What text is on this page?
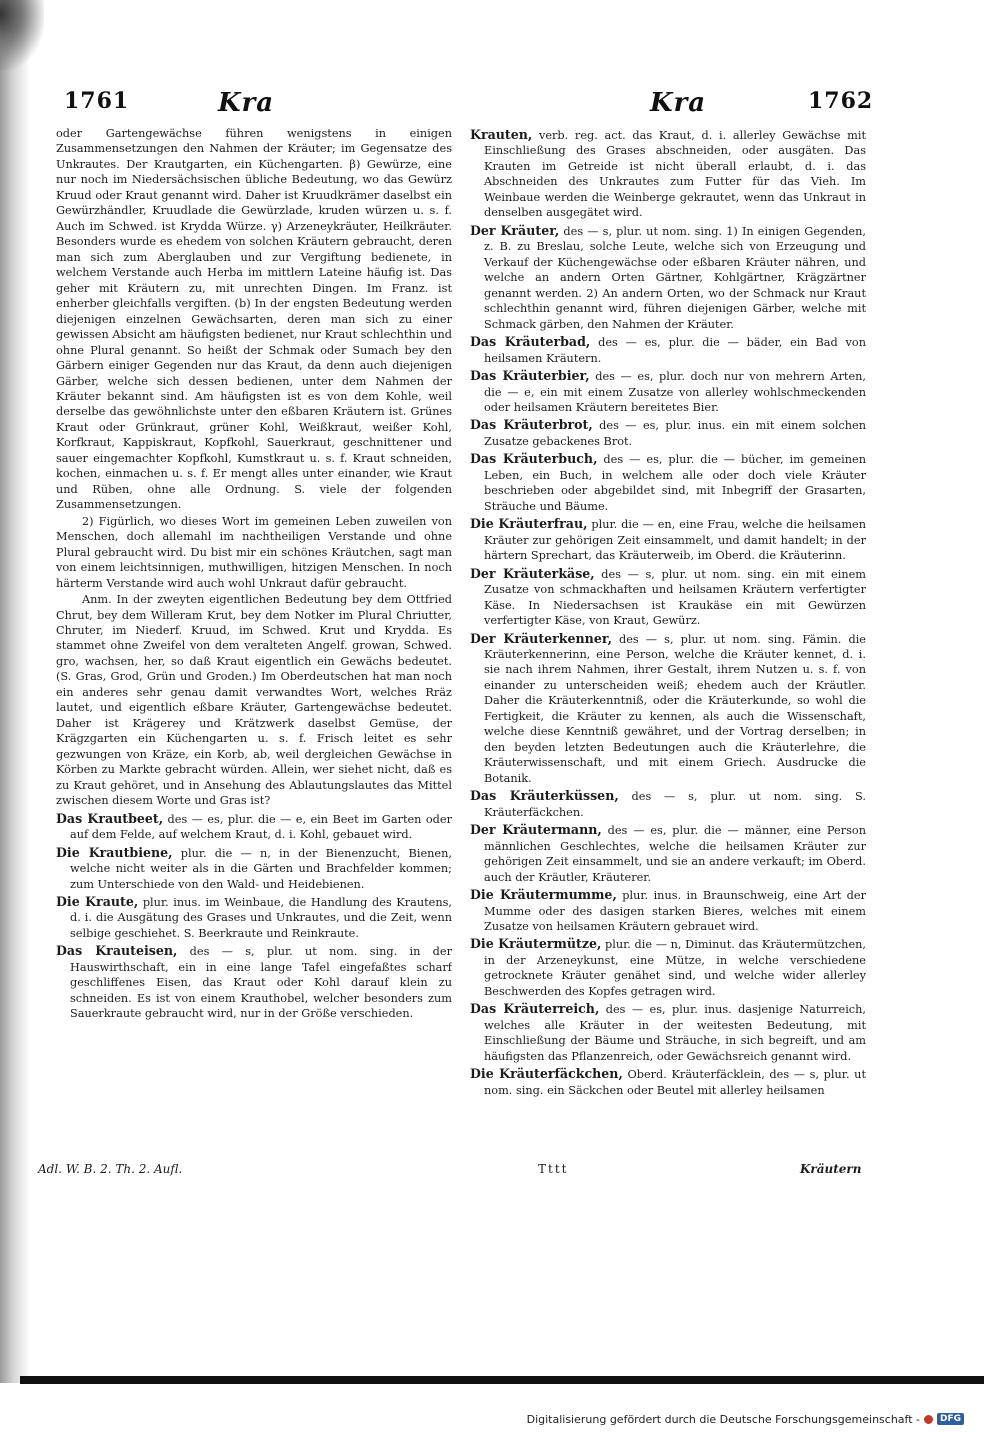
1761	Kra	Kra	1762

oder Gartengewächse führen wenigstens in einigen Zusammensetzungen den Nahmen der Kräuter; im Gegensatze des Unkrautes. Der Krautgarten, ein Küchengarten. β) Gewürze, eine nur noch im Niedersächsischen übliche Bedeutung, wo das Gewürz Kruud oder Kraut genannt wird. Daher ist Kruudkrämer daselbst ein Gewürzhändler, Kruudlade die Gewürzlade, kruden würzen u. s. f. Auch im Schwed. ist Krydda Würze. γ) Arzeneykräuter, Heilkräuter. Besonders wurde es ehedem von solchen Kräutern gebraucht, deren man sich zum Aberglauben und zur Vergiftung bedienete, in welchem Verstande auch Herba im mittlern Lateine häufig ist. Das geher mit Kräutern zu, mit unrechten Dingen. Im Franz. ist enherber gleichfalls vergiften. (b) In der engsten Bedeutung werden diejenigen einzelnen Gewächsarten, deren man sich zu einer gewissen Absicht am häufigsten bedienet, nur Kraut schlechthin und ohne Plural genannt. So heißt der Schmak oder Sumach bey den Gärbern einiger Gegenden nur das Kraut, da denn auch diejenigen Gärber, welche sich dessen bedienen, unter dem Nahmen der Kräuter bekannt sind. Am häufigsten ist es von dem Kohle, weil derselbe das gewöhnlichste unter den eßbaren Kräutern ist. Grünes Kraut oder Grünkraut, grüner Kohl, Weißkraut, weißer Kohl, Korfkraut, Kappiskraut, Kopfkohl, Sauerkraut, geschnittener und sauer eingemachter Kopfkohl, Kumstkraut u. s. f. Kraut schneiden, kochen, einmachen u. s. f. Er mengt alles unter einander, wie Kraut und Rüben, ohne alle Ordnung. S. viele der folgenden Zusammensetzungen.

2) Figürlich, wo dieses Wort im gemeinen Leben zuweilen von Menschen, doch allemahl im nachtheiligen Verstande und ohne Plural gebraucht wird. Du bist mir ein schönes Kräutchen, sagt man von einem leichtsinnigen, muthwilligen, hitzigen Menschen. In noch härterm Verstande wird auch wohl Unkraut dafür gebraucht.

Anm. In der zweyten eigentlichen Bedeutung bey dem Ottfried Chrut, bey dem Willeram Krut, bey dem Notker im Plural Chriutter, Chruter, im Niederf. Kruud, im Schwed. Krut und Krydda. Es stammet ohne Zweifel von dem veralteten Angelf. growan, Schwed. gro, wachsen, her, so daß Kraut eigentlich ein Gewächs bedeutet. (S. Gras, Grod, Grün und Groden.) Im Oberdeutschen hat man noch ein anderes sehr genau damit verwandtes Wort, welches Rräz lautet, und eigentlich eßbare Kräuter, Gartengewächse bedeutet. Daher ist Krägerey und Krätzwerk daselbst Gemüse, der Krägzgarten ein Küchengarten u. s. f. Frisch leitet es sehr gezwungen von Kräze, ein Korb, ab, weil dergleichen Gewächse in Körben zu Markte gebracht würden. Allein, wer siehet nicht, daß es zu Kraut gehöret, und in Ansehung des Ablautungslautes das Mittel zwischen diesem Worte und Gras ist?

Das Krautbeet, des — es, plur. die — e, ein Beet im Garten oder auf dem Felde, auf welchem Kraut, d. i. Kohl, gebauet wird.

Die Krautbiene, plur. die — n, in der Bienenzucht, Bienen, welche nicht weiter als in die Gärten und Brachfelder kommen; zum Unterschiede von den Wald- und Heidebienen.

Die Kraute, plur. inus. im Weinbaue, die Handlung des Krautens, d. i. die Ausgätung des Grases und Unkrautes, und die Zeit, wenn selbige geschiehet. S. Beerkraute und Reinkraute.

Das Krauteisen, des — s, plur. ut nom. sing. in der Hauswirthschaft, ein in eine lange Tafel eingefaßtes scharf geschliffenes Eisen, das Kraut oder Kohl darauf klein zu schneiden. Es ist von einem Krauthobel, welcher besonders zum Sauerkraute gebraucht wird, nur in der Größe verschieden.

Krauten, verb. reg. act. das Kraut, d. i. allerley Gewächse mit Einschließung des Grases abschneiden, oder ausgäten. Das Krauten im Getreide ist nicht überall erlaubt, d. i. das Abschneiden des Unkrautes zum Futter für das Vieh. Im Weinbaue werden die Weinberge gekrautet, wenn das Unkraut in denselben ausgegätet wird.

Der Kräuter, des — s, plur. ut nom. sing. 1) In einigen Gegenden, z. B. zu Breslau, solche Leute, welche sich von Erzeugung und Verkauf der Küchengewächse oder eßbaren Kräuter nähren, und welche an andern Orten Gärtner, Kohlgärtner, Krägzärtner genannt werden. 2) An andern Orten, wo der Schmack nur Kraut schlechthin genannt wird, führen diejenigen Gärber, welche mit Schmack gärben, den Nahmen der Kräuter.

Das Kräuterbad, des — es, plur. die — bäder, ein Bad von heilsamen Kräutern.

Das Kräuterbier, des — es, plur. doch nur von mehrern Arten, die — e, ein mit einem Zusatze von allerley wohlschmeckenden oder heilsamen Kräutern bereitetes Bier.

Das Kräuterbrot, des — es, plur. inus. ein mit einem solchen Zusatze gebackenes Brot.

Das Kräuterbuch, des — es, plur. die — bücher, im gemeinen Leben, ein Buch, in welchem alle oder doch viele Kräuter beschrieben oder abgebildet sind, mit Inbegriff der Grasarten, Sträuche und Bäume.

Die Kräuterfrau, plur. die — en, eine Frau, welche die heilsamen Kräuter zur gehörigen Zeit einsammelt, und damit handelt; in der härtern Sprechart, das Kräuterweib, im Oberd. die Kräuterinn.

Der Kräuterkäse, des — s, plur. ut nom. sing. ein mit einem Zusatze von schmackhaften und heilsamen Kräutern verfertigter Käse. In Niedersachsen ist Kraukäse ein mit Gewürzen verfertigter Käse, von Kraut, Gewürz.

Der Kräuterkenner, des — s, plur. ut nom. sing. Fämin. die Kräuterkennerinn, eine Person, welche die Kräuter kennet, d. i. sie nach ihrem Nahmen, ihrer Gestalt, ihrem Nutzen u. s. f. von einander zu unterscheiden weiß; ehedem auch der Kräutler. Daher die Kräuterkenntniß, oder die Kräuterkunde, so wohl die Fertigkeit, die Kräuter zu kennen, als auch die Wissenschaft, welche diese Kenntniß gewähret, und der Vortrag derselben; in den beyden letzten Bedeutungen auch die Kräuterlehre, die Kräuterwissenschaft, und mit einem Griech. Ausdrucke die Botanik.

Das Kräuterküssen, des — s, plur. ut nom. sing. S. Kräuterfäckchen.

Der Kräutermann, des — es, plur. die — männer, eine Person männlichen Geschlechtes, welche die heilsamen Kräuter zur gehörigen Zeit einsammelt, und sie an andere verkauft; im Oberd. auch der Kräutler, Kräuterer.

Die Kräutermumme, plur. inus. in Braunschweig, eine Art der Mumme oder des dasigen starken Bieres, welches mit einem Zusatze von heilsamen Kräutern gebrauet wird.

Die Kräutermütze, plur. die — n, Diminut. das Kräutermützchen, in der Arzeneykunst, eine Mütze, in welche verschiedene getrocknete Kräuter genähet sind, und welche wider allerley Beschwerden des Kopfes getragen wird.

Das Kräuterreich, des — es, plur. inus. dasjenige Naturreich, welches alle Kräuter in der weitesten Bedeutung, mit Einschließung der Bäume und Sträuche, in sich begreift, und am häufigsten das Pflanzenreich, oder Gewächsreich genannt wird.

Die Kräuterfäckchen, Oberd. Kräuterfäcklein, des — s, plur. ut nom. sing. ein Säckchen oder Beutel mit allerley heilsamen

Adl. W. B. 2. Th. 2. Aufl.	Tttt	Kräutern
Digitalisierung gefördert durch die Deutsche Forschungsgemeinschaft -	DFG
